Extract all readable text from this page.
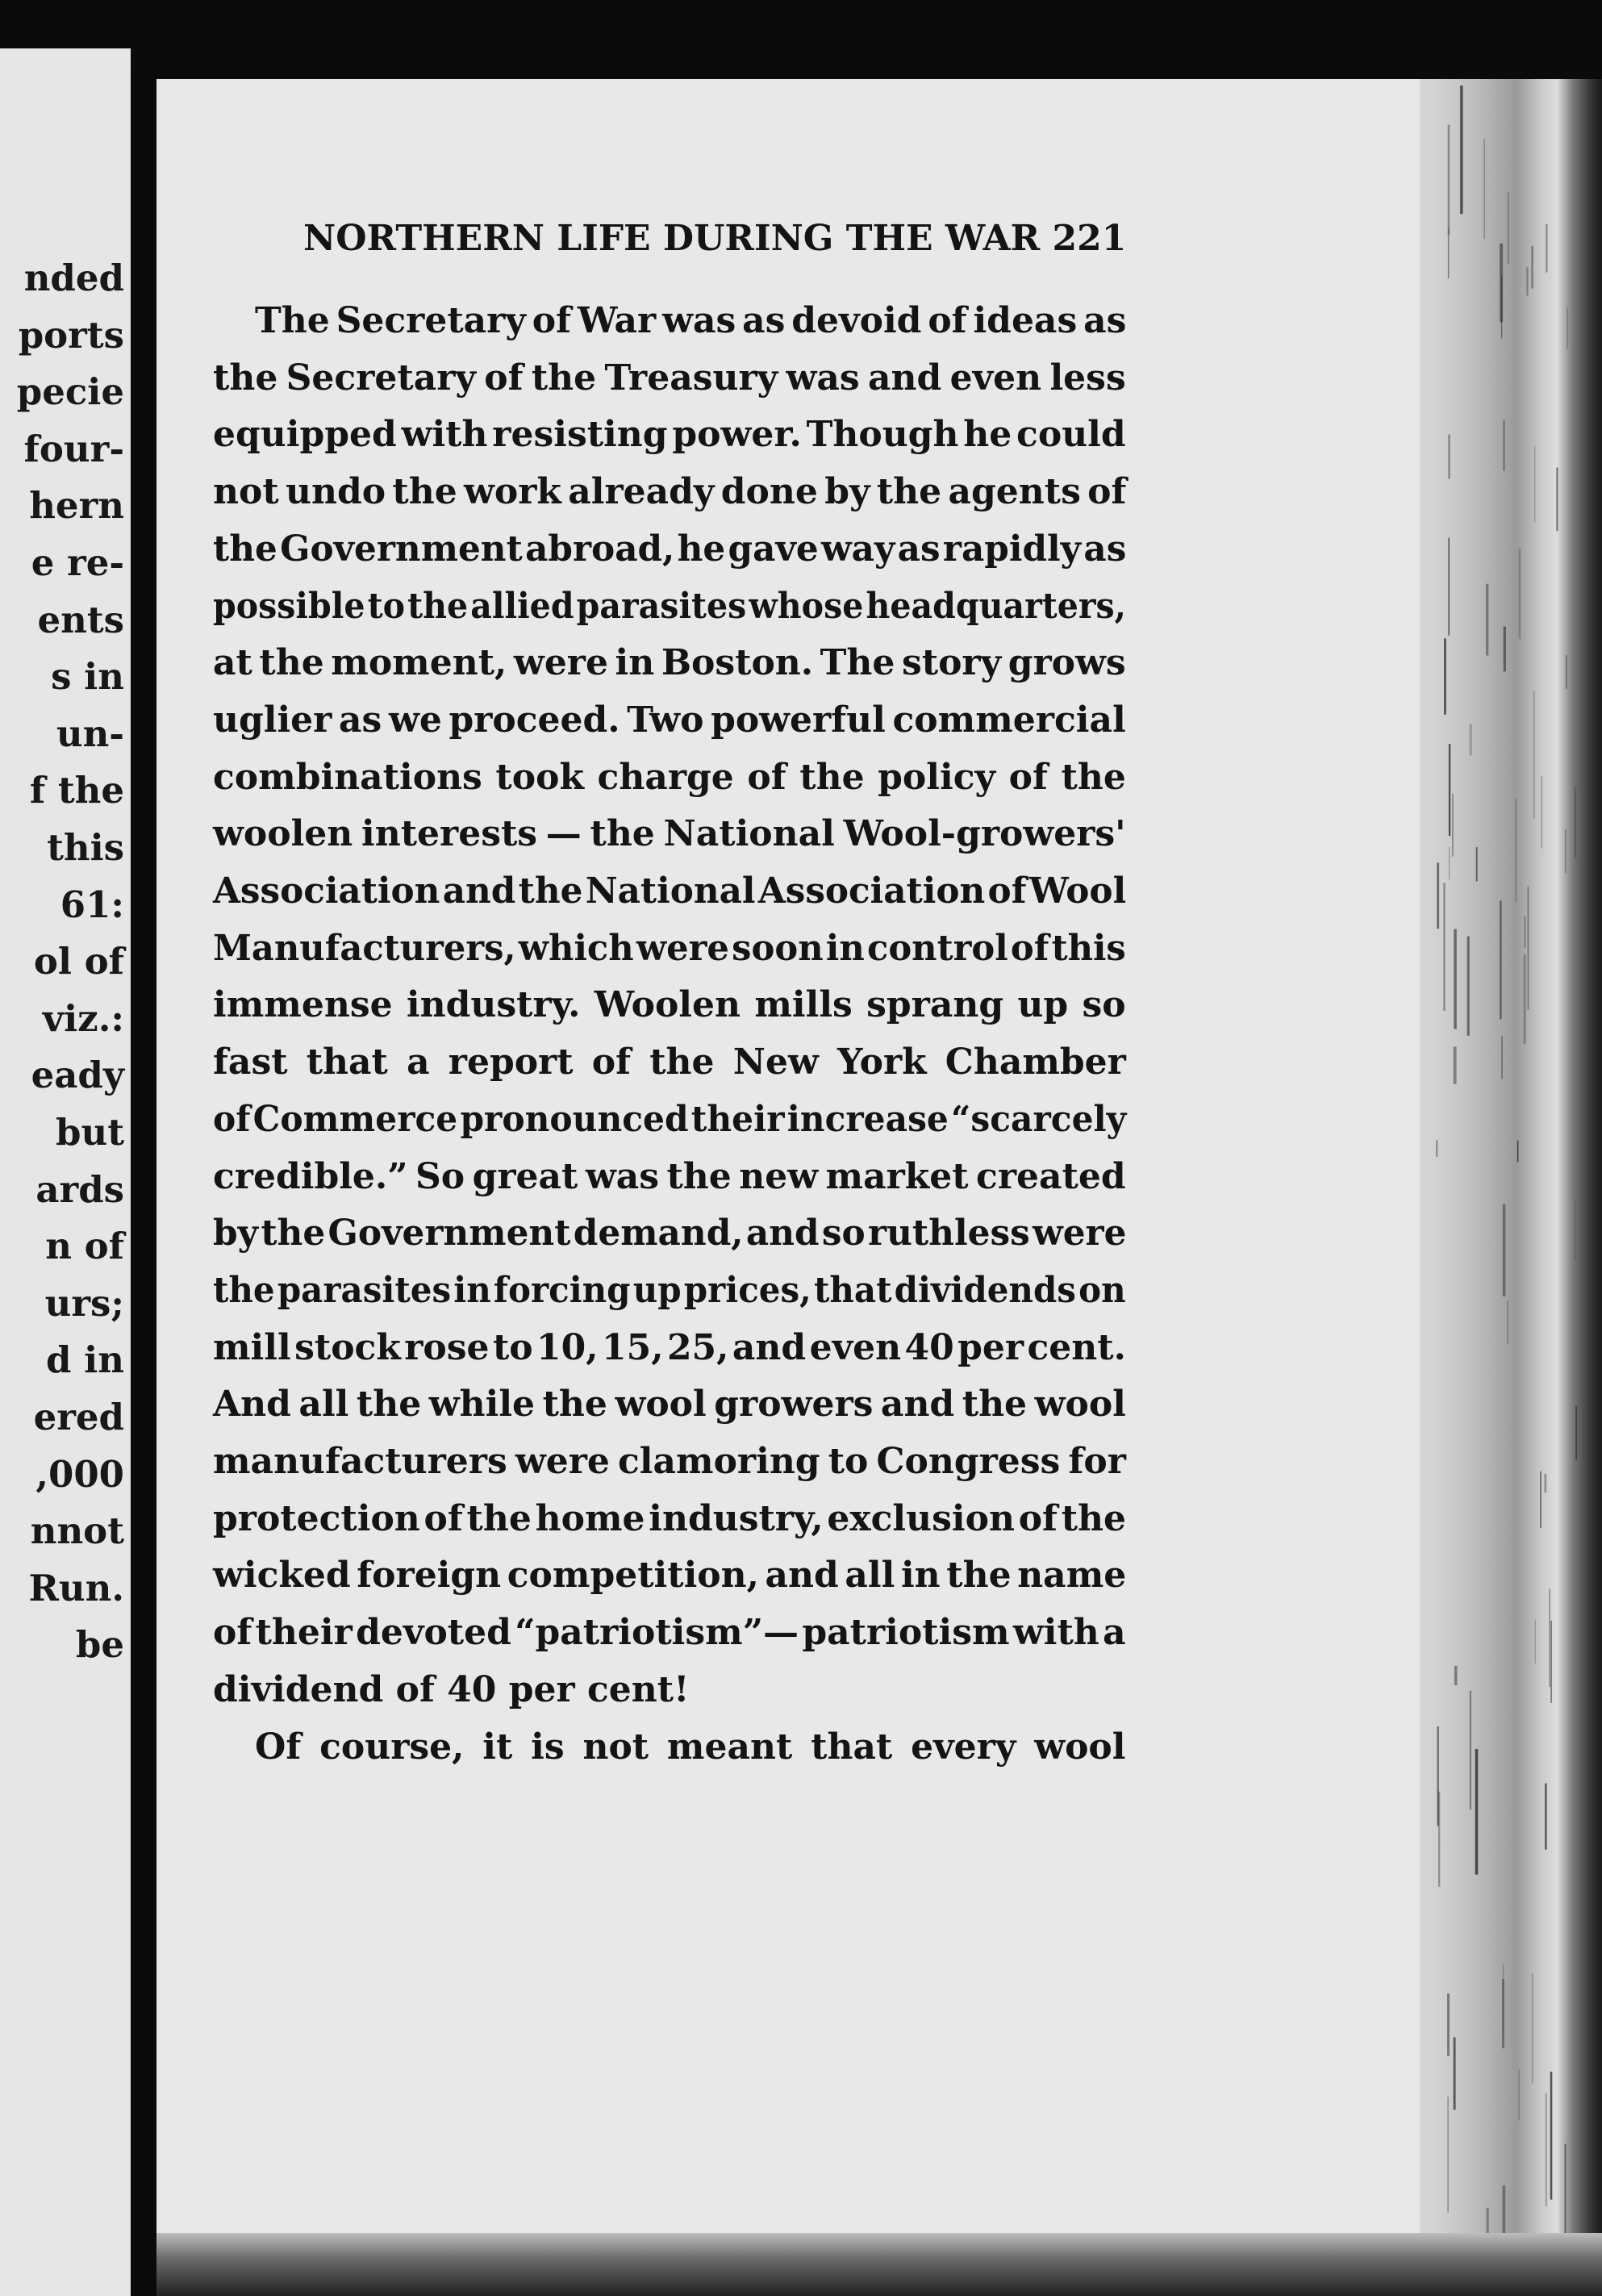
nded
ports
pecie
four-
hern
e re-
ents
s in
un-
f the
this
61:
ol of
viz.:
eady
but
ards
n of
urs;
d in
ered
,000
nnot
Run.
be
NORTHERN LIFE DURING THE WAR 221
The Secretary of War was as devoid of ideas as
the Secretary of the Treasury was and even less
equipped with resisting power. Though he could
not undo the work already done by the agents of
the Government abroad, he gave way as rapidly as
possible to the allied parasites whose headquarters,
at the moment, were in Boston. The story grows
uglier as we proceed. Two powerful commercial
combinations took charge of the policy of the
woolen interests — the National Wool-growers'
Association and the National Association of Wool
Manufacturers, which were soon in control of this
immense industry. Woolen mills sprang up so
fast that a report of the New York Chamber
of Commerce pronounced their increase “scarcely
credible.” So great was the new market created
by the Government demand, and so ruthless were
the parasites in forcing up prices, that dividends on
mill stock rose to 10, 15, 25, and even 40 per cent.
And all the while the wool growers and the wool
manufacturers were clamoring to Congress for
protection of the home industry, exclusion of the
wicked foreign competition, and all in the name
of their devoted “patriotism”— patriotism with a
dividend of 40 per cent!
Of course, it is not meant that every wool
